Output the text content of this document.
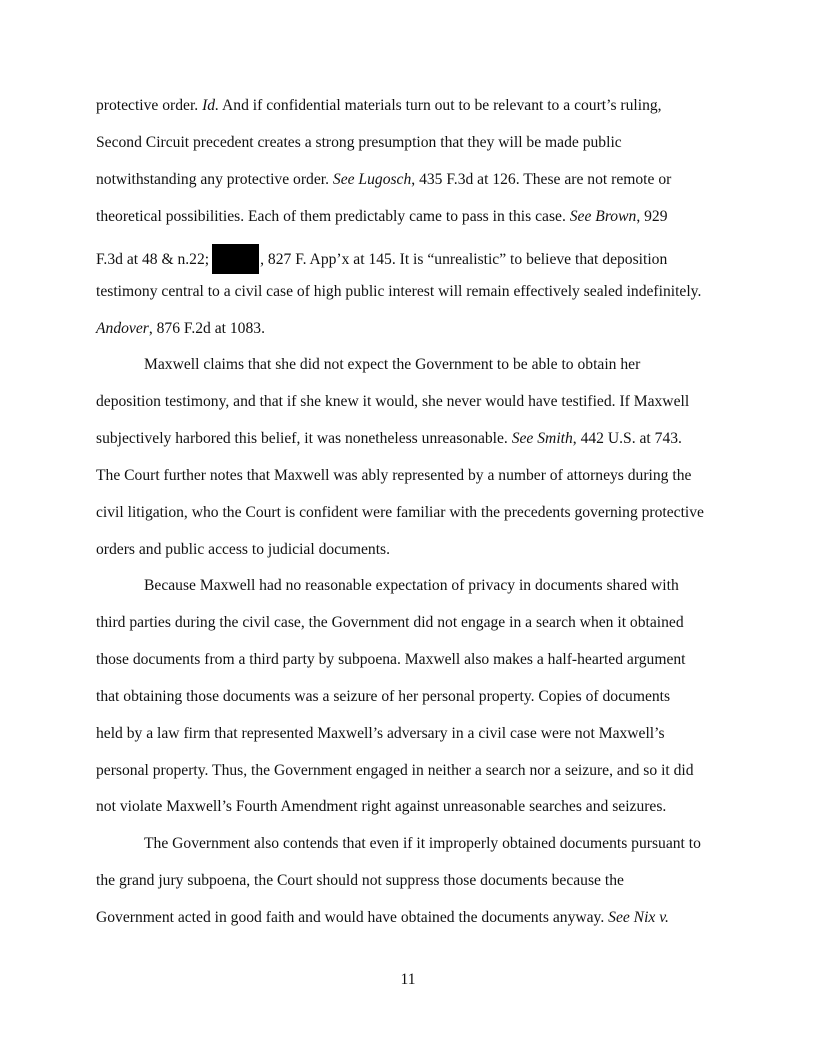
protective order. Id. And if confidential materials turn out to be relevant to a court’s ruling,
Second Circuit precedent creates a strong presumption that they will be made public
notwithstanding any protective order. See Lugosch, 435 F.3d at 126. These are not remote or
theoretical possibilities. Each of them predictably came to pass in this case. See Brown, 929
F.3d at 48 & n.22;	, 827 F. App’x at 145. It is “unrealistic” to believe that deposition
testimony central to a civil case of high public interest will remain effectively sealed indefinitely.
Andover, 876 F.2d at 1083.
Maxwell claims that she did not expect the Government to be able to obtain her
deposition testimony, and that if she knew it would, she never would have testified. If Maxwell
subjectively harbored this belief, it was nonetheless unreasonable. See Smith, 442 U.S. at 743.
The Court further notes that Maxwell was ably represented by a number of attorneys during the
civil litigation, who the Court is confident were familiar with the precedents governing protective
orders and public access to judicial documents.
Because Maxwell had no reasonable expectation of privacy in documents shared with
third parties during the civil case, the Government did not engage in a search when it obtained
those documents from a third party by subpoena. Maxwell also makes a half-hearted argument
that obtaining those documents was a seizure of her personal property. Copies of documents
held by a law firm that represented Maxwell’s adversary in a civil case were not Maxwell’s
personal property. Thus, the Government engaged in neither a search nor a seizure, and so it did
not violate Maxwell’s Fourth Amendment right against unreasonable searches and seizures.
The Government also contends that even if it improperly obtained documents pursuant to
the grand jury subpoena, the Court should not suppress those documents because the
Government acted in good faith and would have obtained the documents anyway. See Nix v.
11
